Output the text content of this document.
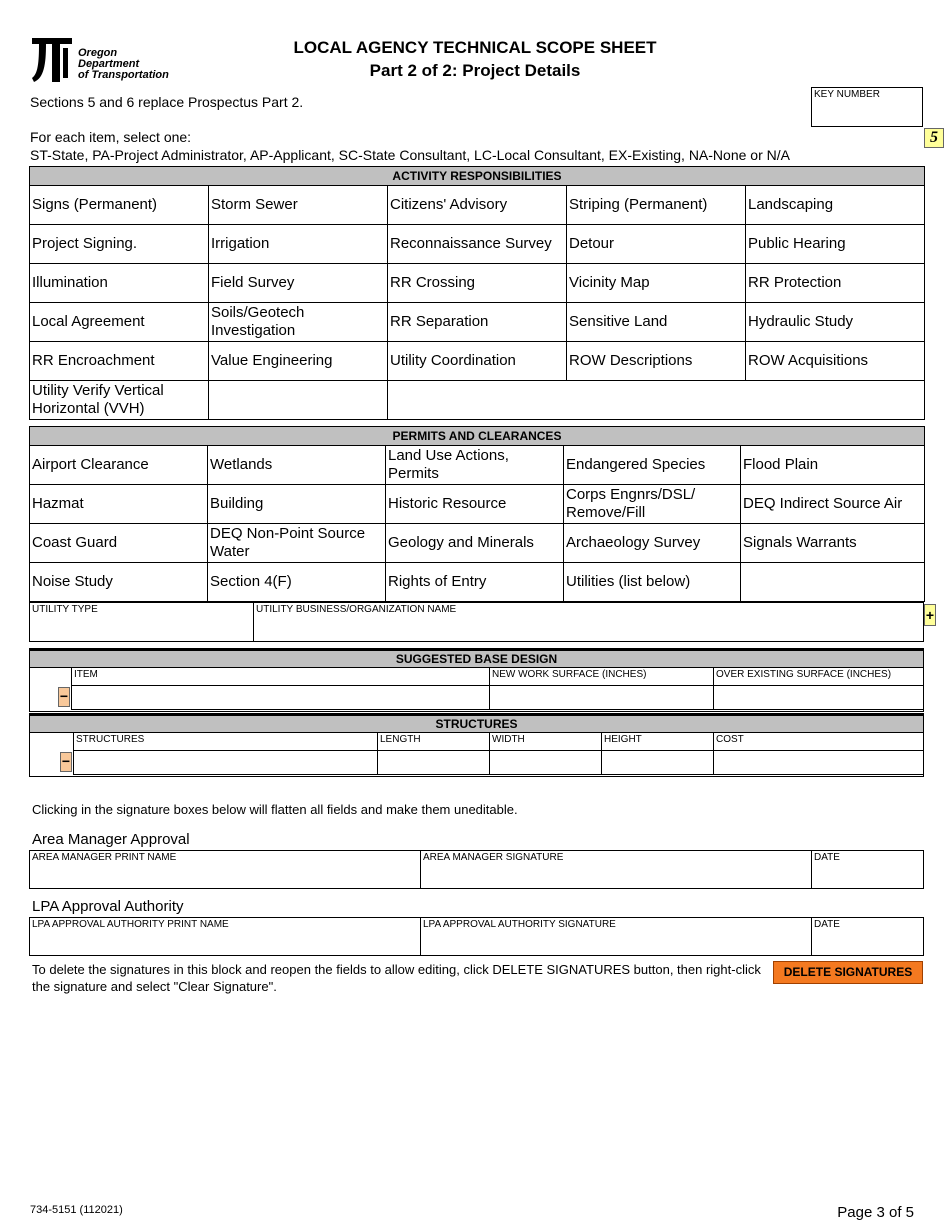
Oregon
Department
of Transportation
LOCAL AGENCY TECHNICAL SCOPE SHEET
Part 2 of 2: Project Details
Sections 5 and 6 replace Prospectus Part 2.	KEY NUMBER
5
For each item, select one:
ST-State, PA-Project Administrator, AP-Applicant, SC-State Consultant, LC-Local Consultant, EX-Existing, NA-None or N/A
ACTIVITY RESPONSIBILITIES				
Signs (Permanent)	Storm Sewer	Citizens' Advisory	Striping (Permanent)	Landscaping
Project Signing.	Irrigation	Reconnaissance Survey	Detour	Public Hearing
Illumination	Field Survey	RR Crossing	Vicinity Map	RR Protection
Local Agreement	Soils/Geotech Investigation	RR Separation	Sensitive Land	Hydraulic Study
RR Encroachment	Value Engineering	Utility Coordination	ROW Descriptions	ROW Acquisitions
Utility Verify Vertical Horizontal (VVH)				
PERMITS AND CLEARANCES				
Airport Clearance	Wetlands	Land Use Actions, Permits	Endangered Species	Flood Plain
Hazmat	Building	Historic Resource	Corps Engnrs/DSL/ Remove/Fill	DEQ Indirect Source Air
Coast Guard	DEQ Non-Point Source Water	Geology and Minerals	Archaeology Survey	Signals Warrants
Noise Study	Section 4(F)	Rights of Entry	Utilities (list below)	
UTILITY TYPE	UTILITY BUSINESS/ORGANIZATION NAME	+
SUGGESTED BASE DESIGN
ITEM	NEW WORK SURFACE (INCHES)	OVER EXISTING SURFACE (INCHES)
−
STRUCTURES
STRUCTURES	LENGTH	WIDTH	HEIGHT	COST
−
Clicking in the signature boxes below will flatten all fields and make them uneditable.
Area Manager Approval
AREA MANAGER PRINT NAME	AREA MANAGER SIGNATURE	DATE
LPA Approval Authority
LPA APPROVAL AUTHORITY PRINT NAME	LPA APPROVAL AUTHORITY SIGNATURE	DATE
To delete the signatures in this block and reopen the fields to allow editing, click DELETE SIGNATURES button, then right-click the signature and select "Clear Signature".
DELETE SIGNATURES
734-5151 (112021)	Page 3 of 5
